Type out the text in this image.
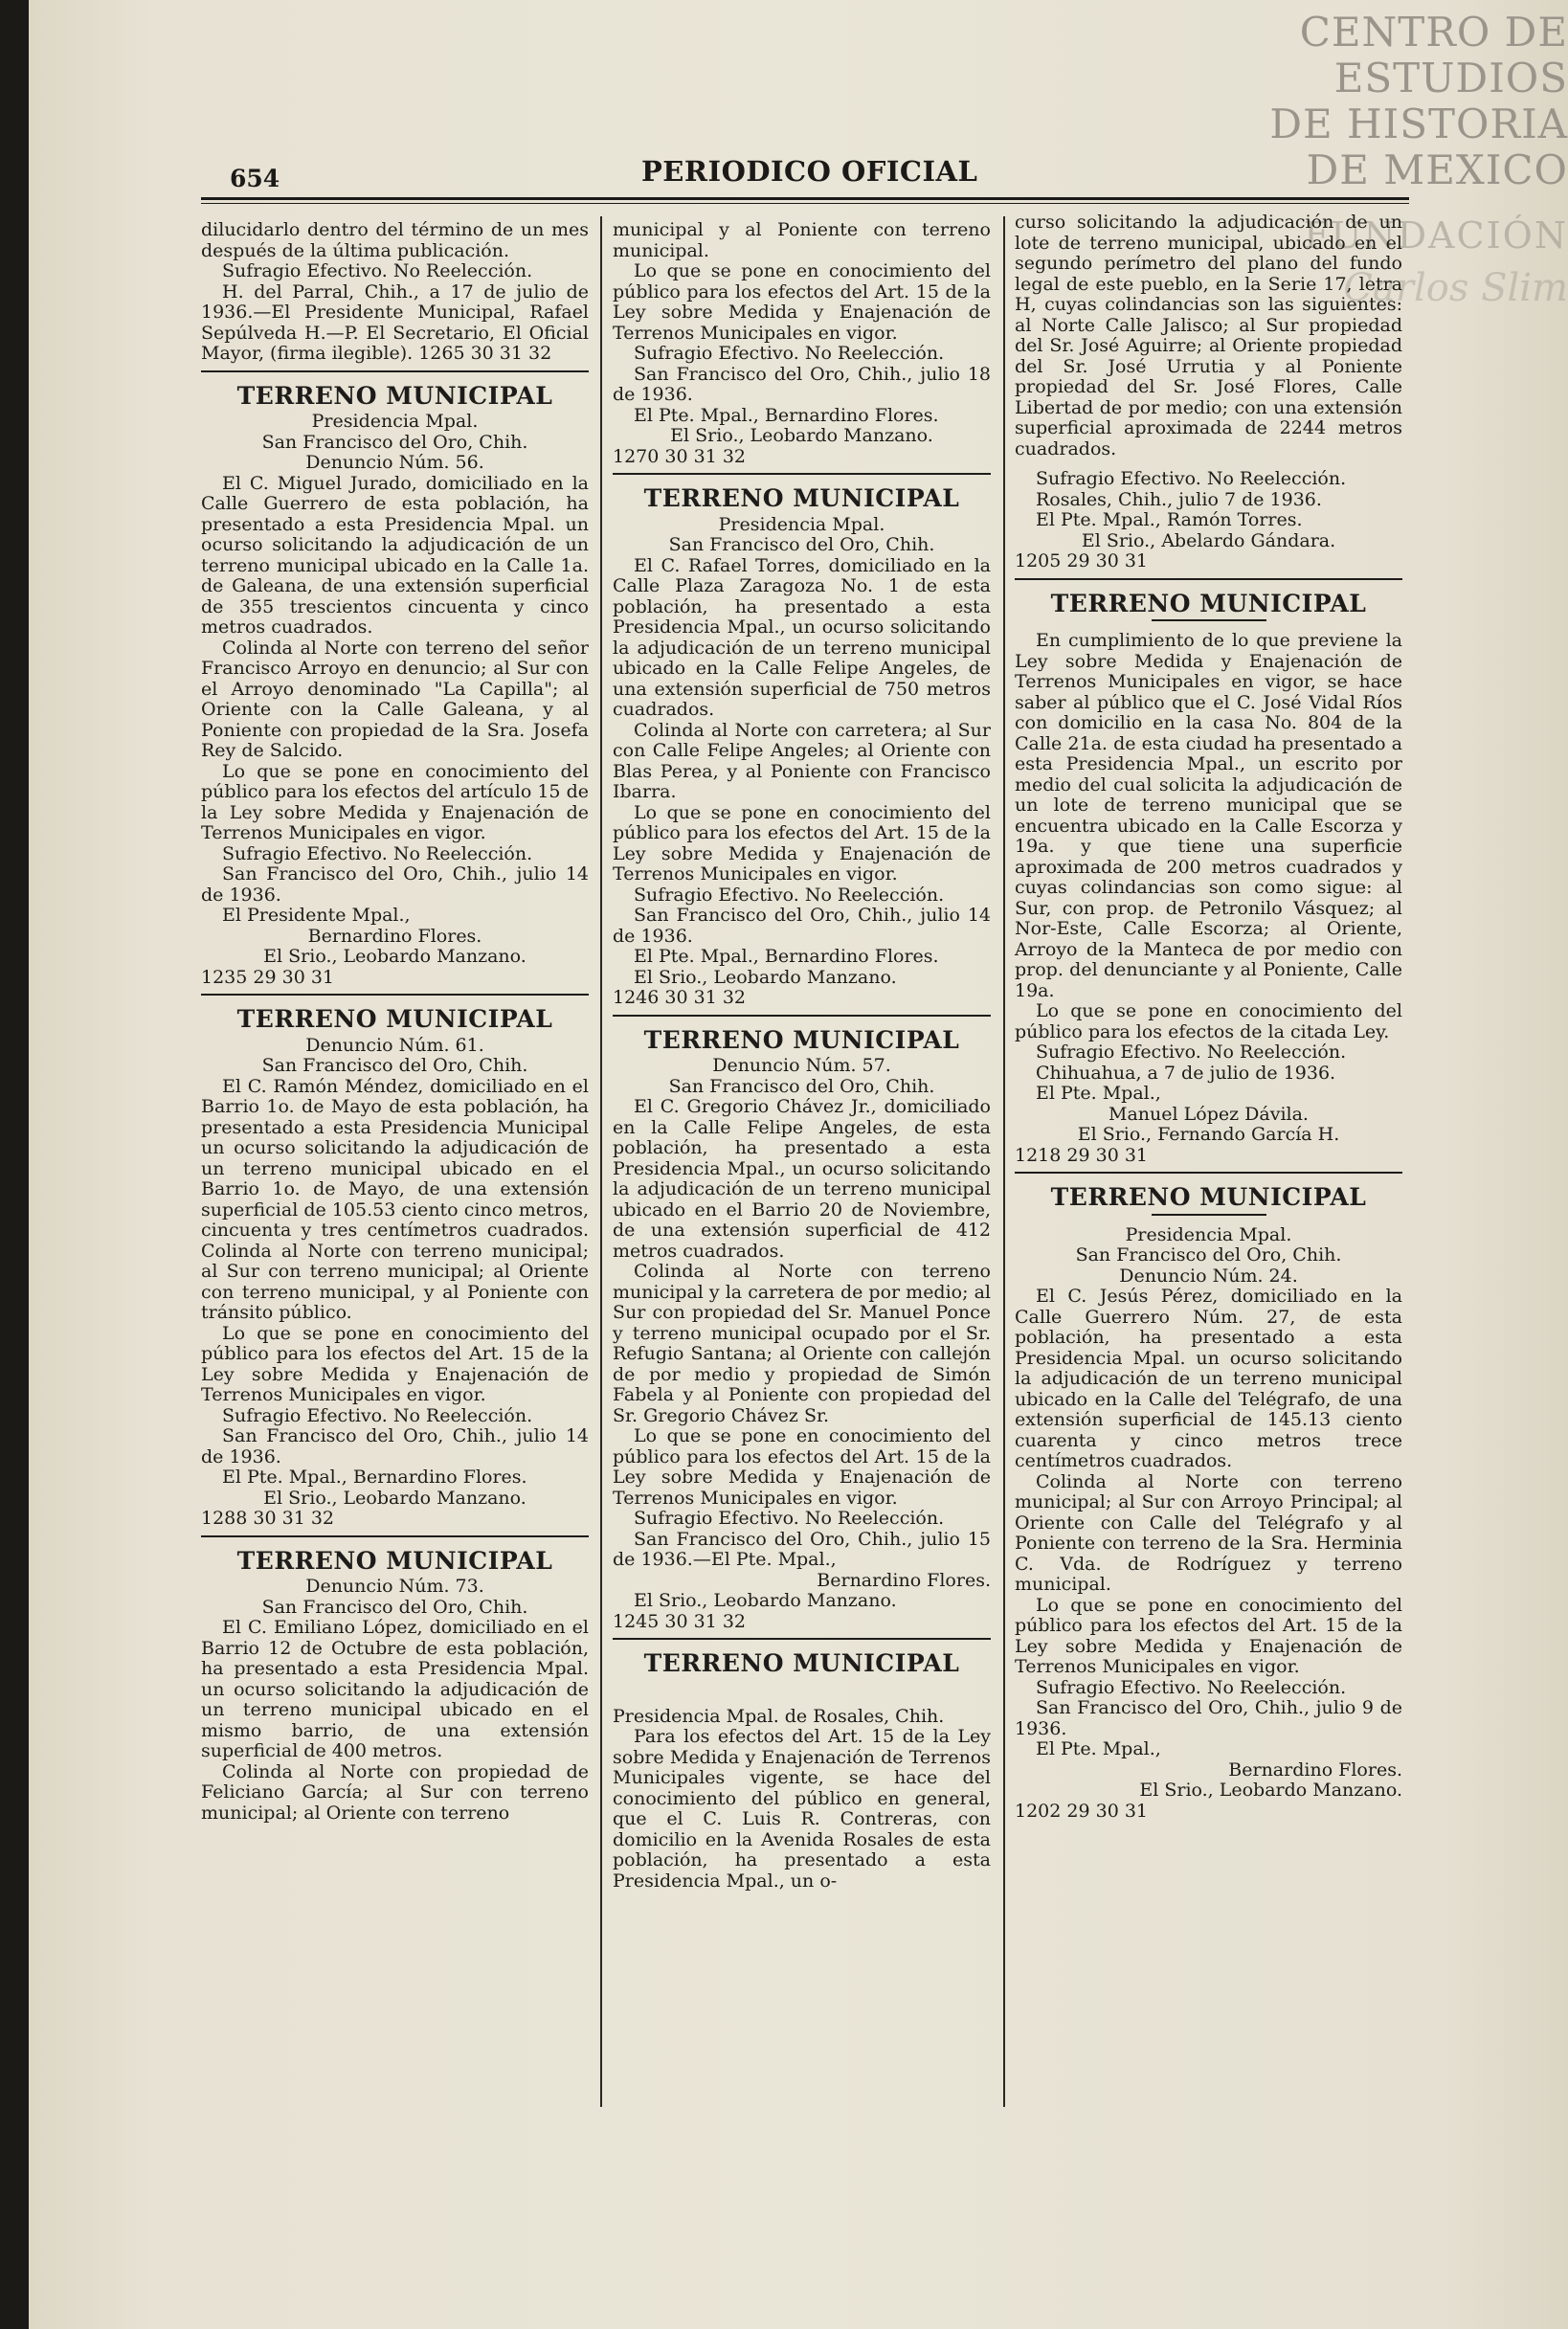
CENTRO DE
ESTUDIOS
DE HISTORIA
DE MEXICO
FUNDACIÓN
Carlos Slim
654	PERIODICO OFICIAL

dilucidarlo dentro del término de un mes después de la última publicación.

Sufragio Efectivo. No Reelección.

H. del Parral, Chih., a 17 de julio de 1936.—El Presidente Municipal, Rafael Sepúlveda H.—P. El Secretario, El Oficial Mayor, (firma ilegible). 1265 30 31 32

TERRENO MUNICIPAL

Presidencia Mpal.

San Francisco del Oro, Chih.

Denuncio Núm. 56.

El C. Miguel Jurado, domiciliado en la Calle Guerrero de esta población, ha presentado a esta Presidencia Mpal. un ocurso solicitando la adjudicación de un terreno municipal ubicado en la Calle 1a. de Galeana, de una extensión superficial de 355 trescientos cincuenta y cinco metros cuadrados.

Colinda al Norte con terreno del señor Francisco Arroyo en denuncio; al Sur con el Arroyo denominado "La Capilla"; al Oriente con la Calle Galeana, y al Poniente con propiedad de la Sra. Josefa Rey de Salcido.

Lo que se pone en conocimiento del público para los efectos del artículo 15 de la Ley sobre Medida y Enajenación de Terrenos Municipales en vigor.

Sufragio Efectivo. No Reelección.

San Francisco del Oro, Chih., julio 14 de 1936.

El Presidente Mpal.,

Bernardino Flores.

El Srio., Leobardo Manzano.

1235 29 30 31

TERRENO MUNICIPAL

Denuncio Núm. 61.

San Francisco del Oro, Chih.

El C. Ramón Méndez, domiciliado en el Barrio 1o. de Mayo de esta población, ha presentado a esta Presidencia Municipal un ocurso solicitando la adjudicación de un terreno municipal ubicado en el Barrio 1o. de Mayo, de una extensión superficial de 105.53 ciento cinco metros, cincuenta y tres centímetros cuadrados. Colinda al Norte con terreno municipal; al Sur con terreno municipal; al Oriente con terreno municipal, y al Poniente con tránsito público.

Lo que se pone en conocimiento del público para los efectos del Art. 15 de la Ley sobre Medida y Enajenación de Terrenos Municipales en vigor.

Sufragio Efectivo. No Reelección.

San Francisco del Oro, Chih., julio 14 de 1936.

El Pte. Mpal., Bernardino Flores.

El Srio., Leobardo Manzano.

1288 30 31 32

TERRENO MUNICIPAL

Denuncio Núm. 73.

San Francisco del Oro, Chih.

El C. Emiliano López, domiciliado en el Barrio 12 de Octubre de esta población, ha presentado a esta Presidencia Mpal. un ocurso solicitando la adjudicación de un terreno municipal ubicado en el mismo barrio, de una extensión superficial de 400 metros.

Colinda al Norte con propiedad de Feliciano García; al Sur con terreno municipal; al Oriente con terreno

municipal y al Poniente con terreno municipal.

Lo que se pone en conocimiento del público para los efectos del Art. 15 de la Ley sobre Medida y Enajenación de Terrenos Municipales en vigor.

Sufragio Efectivo. No Reelección.

San Francisco del Oro, Chih., julio 18 de 1936.

El Pte. Mpal., Bernardino Flores.

El Srio., Leobardo Manzano.

1270 30 31 32

TERRENO MUNICIPAL

Presidencia Mpal.

San Francisco del Oro, Chih.

El C. Rafael Torres, domiciliado en la Calle Plaza Zaragoza No. 1 de esta población, ha presentado a esta Presidencia Mpal., un ocurso solicitando la adjudicación de un terreno municipal ubicado en la Calle Felipe Angeles, de una extensión superficial de 750 metros cuadrados.

Colinda al Norte con carretera; al Sur con Calle Felipe Angeles; al Oriente con Blas Perea, y al Poniente con Francisco Ibarra.

Lo que se pone en conocimiento del público para los efectos del Art. 15 de la Ley sobre Medida y Enajenación de Terrenos Municipales en vigor.

Sufragio Efectivo. No Reelección.

San Francisco del Oro, Chih., julio 14 de 1936.

El Pte. Mpal., Bernardino Flores.

El Srio., Leobardo Manzano.

1246 30 31 32

TERRENO MUNICIPAL

Denuncio Núm. 57.

San Francisco del Oro, Chih.

El C. Gregorio Chávez Jr., domiciliado en la Calle Felipe Angeles, de esta población, ha presentado a esta Presidencia Mpal., un ocurso solicitando la adjudicación de un terreno municipal ubicado en el Barrio 20 de Noviembre, de una extensión superficial de 412 metros cuadrados.

Colinda al Norte con terreno municipal y la carretera de por medio; al Sur con propiedad del Sr. Manuel Ponce y terreno municipal ocupado por el Sr. Refugio Santana; al Oriente con callejón de por medio y propiedad de Simón Fabela y al Poniente con propiedad del Sr. Gregorio Chávez Sr.

Lo que se pone en conocimiento del público para los efectos del Art. 15 de la Ley sobre Medida y Enajenación de Terrenos Municipales en vigor.

Sufragio Efectivo. No Reelección.

San Francisco del Oro, Chih., julio 15 de 1936.—El Pte. Mpal.,

Bernardino Flores.

El Srio., Leobardo Manzano.

1245 30 31 32

TERRENO MUNICIPAL

Presidencia Mpal. de Rosales, Chih.

Para los efectos del Art. 15 de la Ley sobre Medida y Enajenación de Terrenos Municipales vigente, se hace del conocimiento del público en general, que el C. Luis R. Contreras, con domicilio en la Avenida Rosales de esta población, ha presentado a esta Presidencia Mpal., un o-

curso solicitando la adjudicación de un lote de terreno municipal, ubicado en el segundo perímetro del plano del fundo legal de este pueblo, en la Serie 17, letra H, cuyas colindancias son las siguientes: al Norte Calle Jalisco; al Sur propiedad del Sr. José Aguirre; al Oriente propiedad del Sr. José Urrutia y al Poniente propiedad del Sr. José Flores, Calle Libertad de por medio; con una extensión superficial aproximada de 2244 metros cuadrados.

Sufragio Efectivo. No Reelección.

Rosales, Chih., julio 7 de 1936.

El Pte. Mpal., Ramón Torres.

El Srio., Abelardo Gándara.

1205 29 30 31

TERRENO MUNICIPAL

En cumplimiento de lo que previene la Ley sobre Medida y Enajenación de Terrenos Municipales en vigor, se hace saber al público que el C. José Vidal Ríos con domicilio en la casa No. 804 de la Calle 21a. de esta ciudad ha presentado a esta Presidencia Mpal., un escrito por medio del cual solicita la adjudicación de un lote de terreno municipal que se encuentra ubicado en la Calle Escorza y 19a. y que tiene una superficie aproximada de 200 metros cuadrados y cuyas colindancias son como sigue: al Sur, con prop. de Petronilo Vásquez; al Nor-Este, Calle Escorza; al Oriente, Arroyo de la Manteca de por medio con prop. del denunciante y al Poniente, Calle 19a.

Lo que se pone en conocimiento del público para los efectos de la citada Ley.

Sufragio Efectivo. No Reelección.

Chihuahua, a 7 de julio de 1936.

El Pte. Mpal.,

Manuel López Dávila.

El Srio., Fernando García H.

1218 29 30 31

TERRENO MUNICIPAL

Presidencia Mpal.

San Francisco del Oro, Chih.

Denuncio Núm. 24.

El C. Jesús Pérez, domiciliado en la Calle Guerrero Núm. 27, de esta población, ha presentado a esta Presidencia Mpal. un ocurso solicitando la adjudicación de un terreno municipal ubicado en la Calle del Telégrafo, de una extensión superficial de 145.13 ciento cuarenta y cinco metros trece centímetros cuadrados.

Colinda al Norte con terreno municipal; al Sur con Arroyo Principal; al Oriente con Calle del Telégrafo y al Poniente con terreno de la Sra. Herminia C. Vda. de Rodríguez y terreno municipal.

Lo que se pone en conocimiento del público para los efectos del Art. 15 de la Ley sobre Medida y Enajenación de Terrenos Municipales en vigor.

Sufragio Efectivo. No Reelección.

San Francisco del Oro, Chih., julio 9 de 1936.

El Pte. Mpal.,

Bernardino Flores.

El Srio., Leobardo Manzano.

1202 29 30 31
